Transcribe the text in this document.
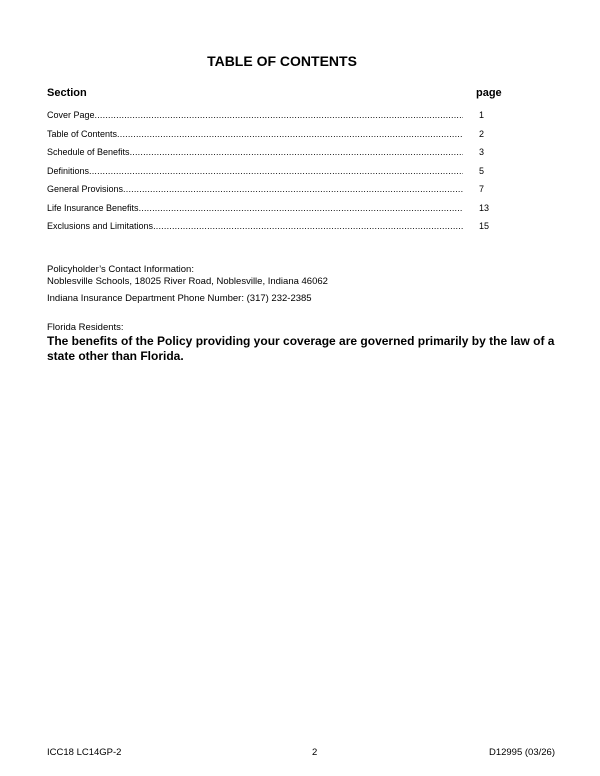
TABLE OF CONTENTS
Section	page
Cover Page .....	1
Table of Contents .....	2
Schedule of Benefits .....	3
Definitions .....	5
General Provisions .....	7
Life Insurance Benefits .....	13
Exclusions and Limitations .....	15
Policyholder’s Contact Information:
Noblesville Schools, 18025 River Road, Noblesville, Indiana 46062
Indiana Insurance Department Phone Number: (317) 232-2385
Florida Residents:
The benefits of the Policy providing your coverage are governed primarily by the law of a state other than Florida.
ICC18 LC14GP-2	2	D12995 (03/26)
